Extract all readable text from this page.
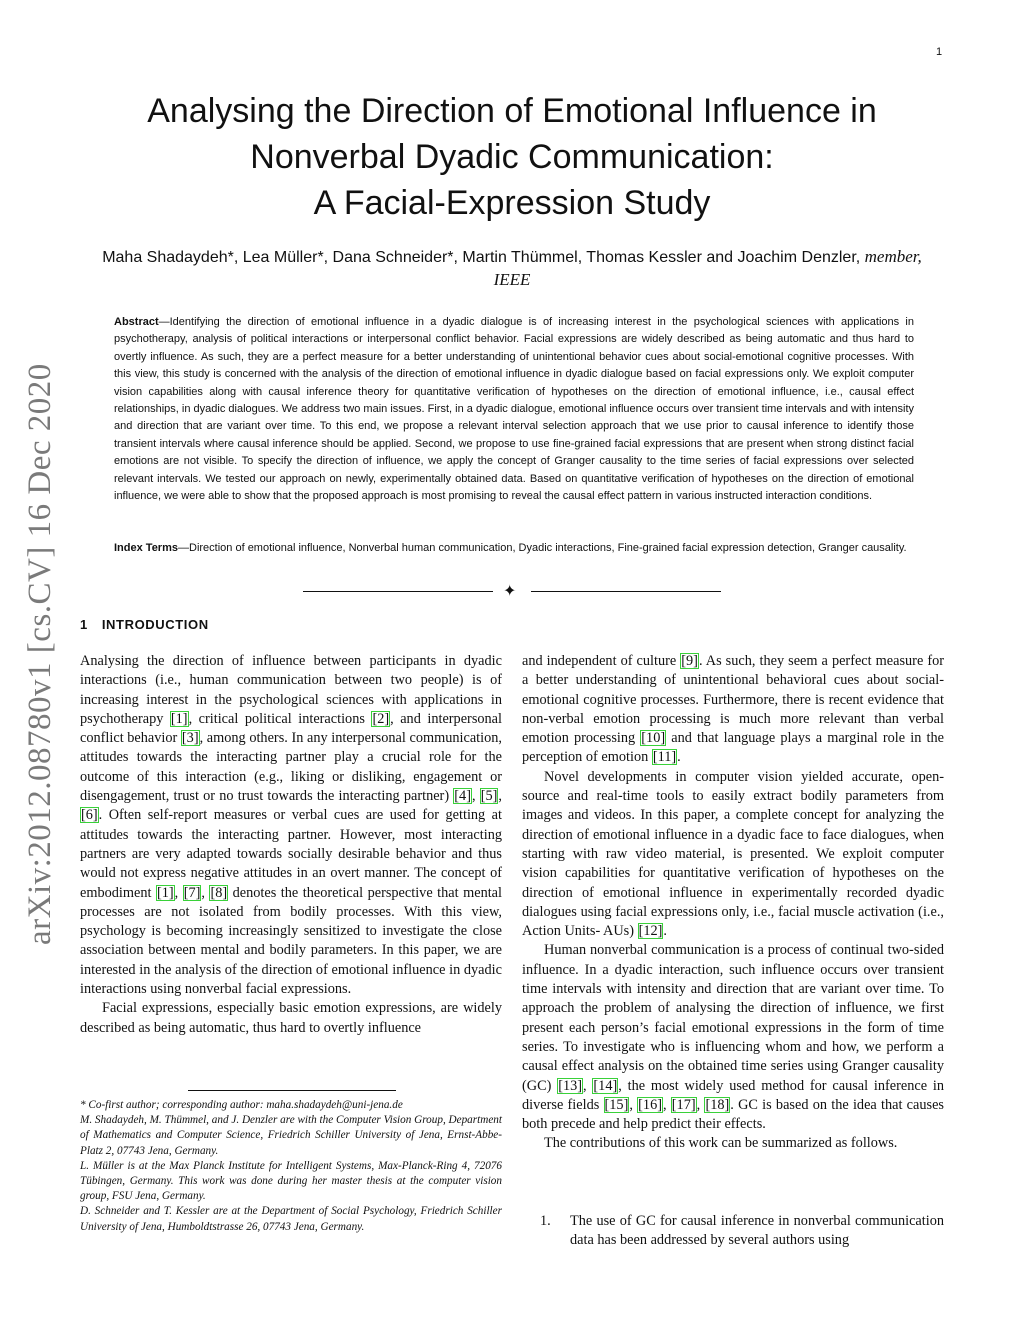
1
arXiv:2012.08780v1 [cs.CV] 16 Dec 2020
Analysing the Direction of Emotional Influence in
Nonverbal Dyadic Communication:
A Facial-Expression Study
Maha Shadaydeh*, Lea Müller*, Dana Schneider*, Martin Thümmel, Thomas Kessler and Joachim Denzler, member,
IEEE
Abstract—Identifying the direction of emotional influence in a dyadic dialogue is of increasing interest in the psychological sciences with applications in psychotherapy, analysis of political interactions or interpersonal conflict behavior. Facial expressions are widely described as being automatic and thus hard to overtly influence. As such, they are a perfect measure for a better understanding of unintentional behavior cues about social-emotional cognitive processes. With this view, this study is concerned with the analysis of the direction of emotional influence in dyadic dialogue based on facial expressions only. We exploit computer vision capabilities along with causal inference theory for quantitative verification of hypotheses on the direction of emotional influence, i.e., causal effect relationships, in dyadic dialogues. We address two main issues. First, in a dyadic dialogue, emotional influence occurs over transient time intervals and with intensity and direction that are variant over time. To this end, we propose a relevant interval selection approach that we use prior to causal inference to identify those transient intervals where causal inference should be applied. Second, we propose to use fine-grained facial expressions that are present when strong distinct facial emotions are not visible. To specify the direction of influence, we apply the concept of Granger causality to the time series of facial expressions over selected relevant intervals. We tested our approach on newly, experimentally obtained data. Based on quantitative verification of hypotheses on the direction of emotional influence, we were able to show that the proposed approach is most promising to reveal the causal effect pattern in various instructed interaction conditions.
Index Terms—Direction of emotional influence, Nonverbal human communication, Dyadic interactions, Fine-grained facial expression detection, Granger causality.
✦
1 INTRODUCTION

Analysing the direction of influence between participants in dyadic interactions (i.e., human communication between two people) is of increasing interest in the psychological sciences with applications in psychotherapy [1], critical political interactions [2], and interpersonal conflict behavior [3], among others. In any interpersonal communication, attitudes towards the interacting partner play a crucial role for the outcome of this interaction (e.g., liking or disliking, engagement or disengagement, trust or no trust towards the interacting partner) [4], [5], [6]. Often self-report measures or verbal cues are used for getting at attitudes towards the interacting partner. However, most interacting partners are very adapted towards socially desirable behavior and thus would not express negative attitudes in an overt manner. The concept of embodiment [1], [7], [8] denotes the theoretical perspective that mental processes are not isolated from bodily processes. With this view, psychology is becoming increasingly sensitized to investigate the close association between mental and bodily parameters. In this paper, we are interested in the analysis of the direction of emotional influence in dyadic interactions using nonverbal facial expressions.

Facial expressions, especially basic emotion expressions, are widely described as being automatic, thus hard to overtly influence

* Co-first author; corresponding author: maha.shadaydeh@uni-jena.de

M. Shadaydeh, M. Thümmel, and J. Denzler are with the Computer Vision Group, Department of Mathematics and Computer Science, Friedrich Schiller University of Jena, Ernst-Abbe-Platz 2, 07743 Jena, Germany.

L. Müller is at the Max Planck Institute for Intelligent Systems, Max-Planck-Ring 4, 72076 Tübingen, Germany. This work was done during her master thesis at the computer vision group, FSU Jena, Germany.

D. Schneider and T. Kessler are at the Department of Social Psychology, Friedrich Schiller University of Jena, Humboldtstrasse 26, 07743 Jena, Germany.

and independent of culture [9]. As such, they seem a perfect measure for a better understanding of unintentional behavioral cues about social-emotional cognitive processes. Furthermore, there is recent evidence that non-verbal emotion processing is much more relevant than verbal emotion processing [10] and that language plays a marginal role in the perception of emotion [11].

Novel developments in computer vision yielded accurate, open-source and real-time tools to easily extract bodily parameters from images and videos. In this paper, a complete concept for analyzing the direction of emotional influence in a dyadic face to face dialogues, when starting with raw video material, is presented. We exploit computer vision capabilities for quantitative verification of hypotheses on the direction of emotional influence in experimentally recorded dyadic dialogues using facial expressions only, i.e., facial muscle activation (i.e., Action Units- AUs) [12].

Human nonverbal communication is a process of continual two-sided influence. In a dyadic interaction, such influence occurs over transient time intervals with intensity and direction that are variant over time. To approach the problem of analysing the direction of influence, we first present each person’s facial emotional expressions in the form of time series. To investigate who is influencing whom and how, we perform a causal effect analysis on the obtained time series using Granger causality (GC) [13], [14], the most widely used method for causal inference in diverse fields [15], [16], [17], [18]. GC is based on the idea that causes both precede and help predict their effects.

The contributions of this work can be summarized as follows.

1. The use of GC for causal inference in nonverbal communication data has been addressed by several authors using
